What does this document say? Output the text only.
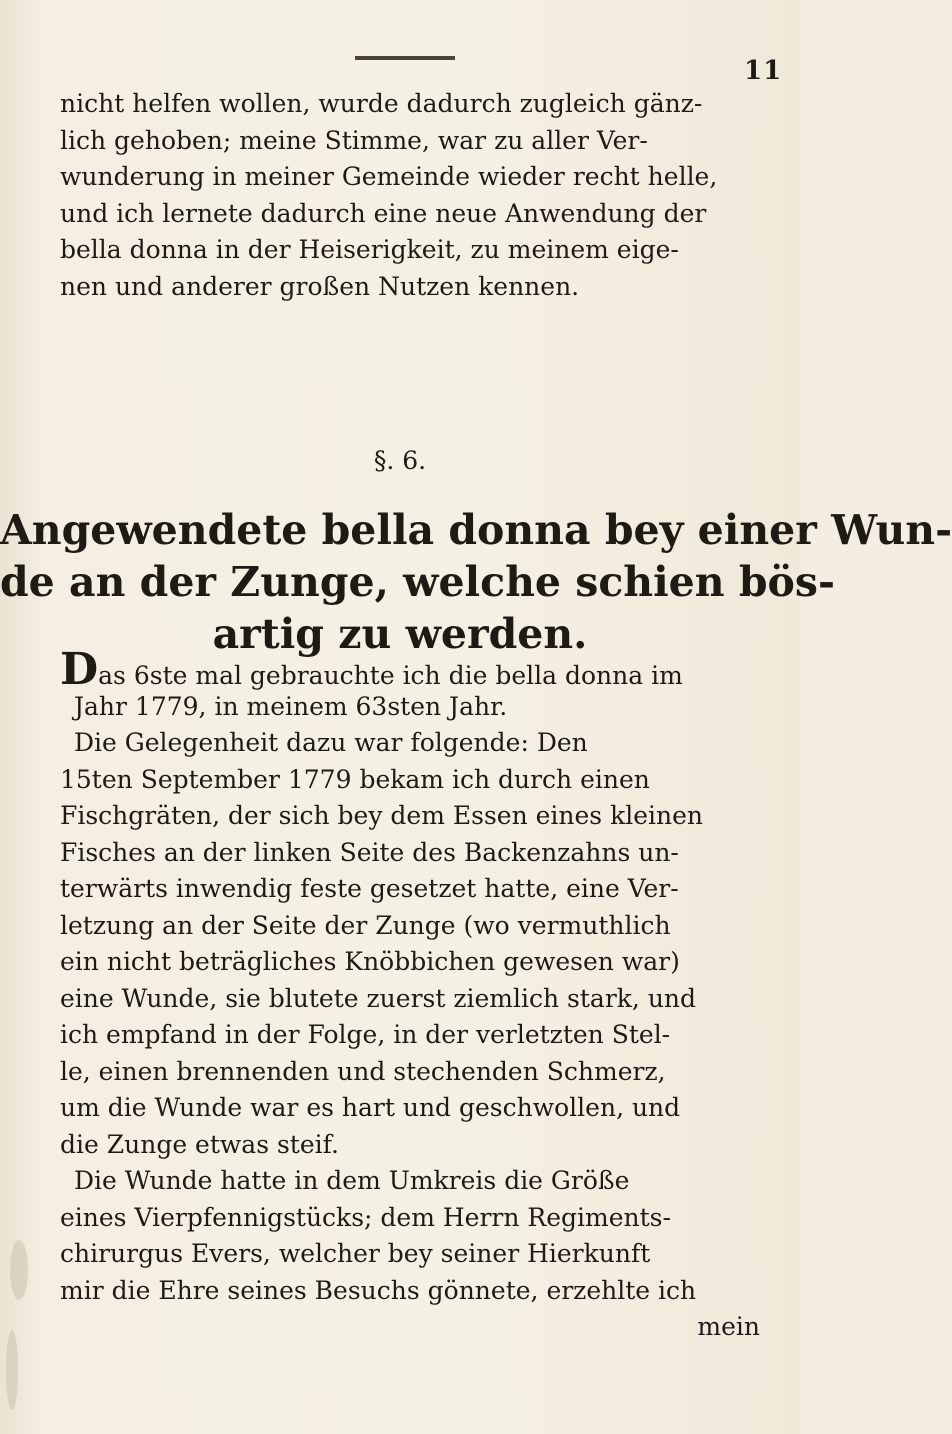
11
nicht helfen wollen, wurde dadurch zugleich gänz-
lich gehoben; meine Stimme, war zu aller Ver-
wunderung in meiner Gemeinde wieder recht helle,
und ich lernete dadurch eine neue Anwendung der
bella donna in der Heiserigkeit, zu meinem eige-
nen und anderer großen Nutzen kennen.
§. 6.
Angewendete bella donna bey einer Wun-
de an der Zunge, welche schien bös-
artig zu werden.
Das 6ste mal gebrauchte ich die bella donna im
Jahr 1779, in meinem 63sten Jahr.
Die Gelegenheit dazu war folgende: Den
15ten September 1779 bekam ich durch einen
Fischgräten, der sich bey dem Essen eines kleinen
Fisches an der linken Seite des Backenzahns un-
terwärts inwendig feste gesetzet hatte, eine Ver-
letzung an der Seite der Zunge (wo vermuthlich
ein nicht beträgliches Knöbbichen gewesen war)
eine Wunde, sie blutete zuerst ziemlich stark, und
ich empfand in der Folge, in der verletzten Stel-
le, einen brennenden und stechenden Schmerz,
um die Wunde war es hart und geschwollen, und
die Zunge etwas steif.
Die Wunde hatte in dem Umkreis die Größe
eines Vierpfennigstücks; dem Herrn Regiments-
chirurgus Evers, welcher bey seiner Hierkunft
mir die Ehre seines Besuchs gönnete, erzehlte ich
mein
